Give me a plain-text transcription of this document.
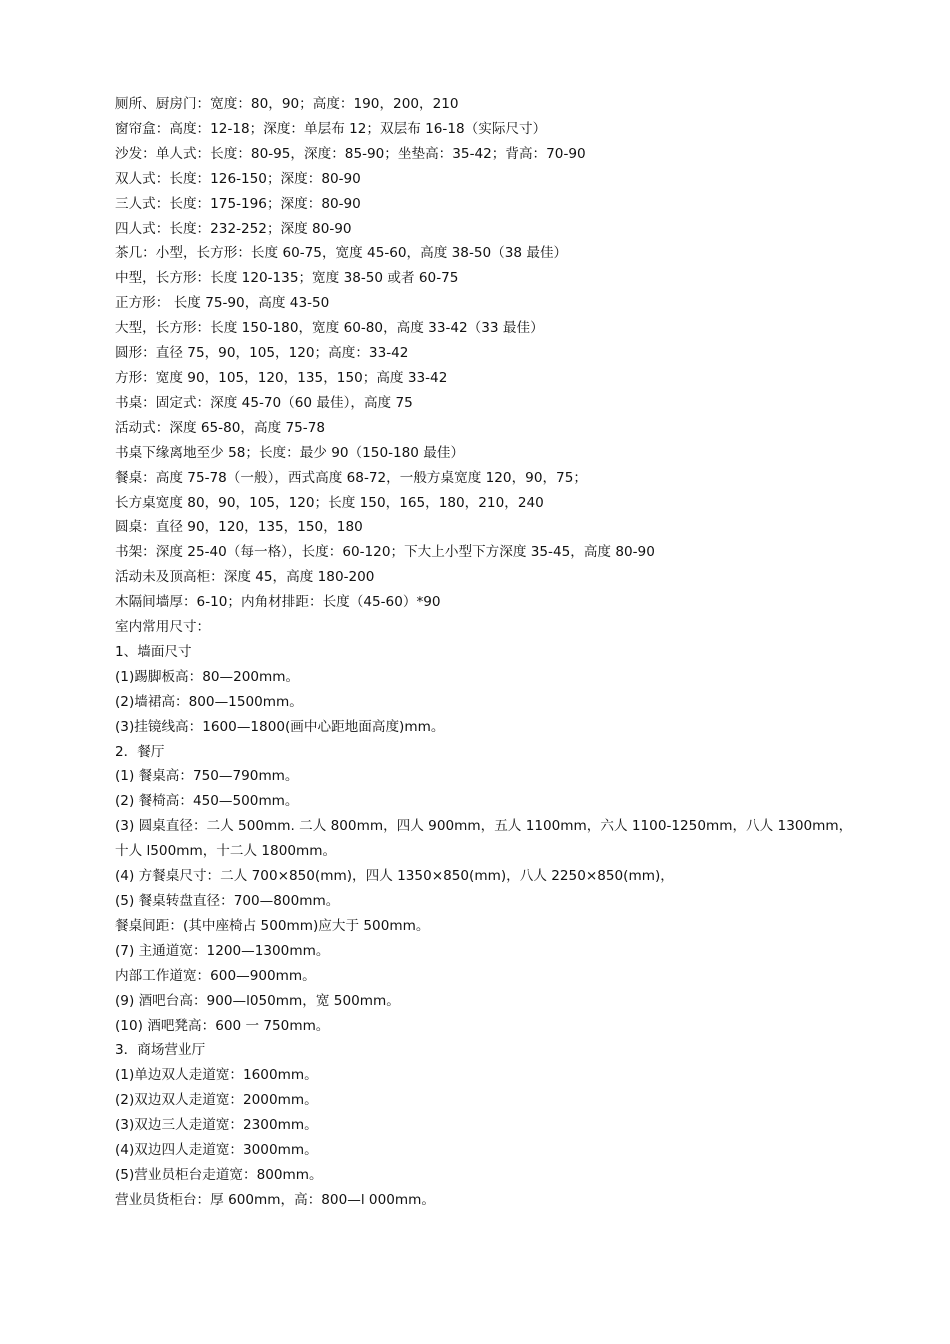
厕所、厨房门：宽度：80，90；高度：190，200，210
窗帘盒：高度：12-18；深度：单层布 12；双层布 16-18（实际尺寸）
沙发：单人式：长度：80-95，深度：85-90；坐垫高：35-42；背高：70-90
双人式：长度：126-150；深度：80-90
三人式：长度：175-196；深度：80-90
四人式：长度：232-252；深度 80-90
茶几：小型，长方形：长度 60-75，宽度 45-60，高度 38-50（38 最佳）
中型，长方形：长度 120-135；宽度 38-50 或者 60-75
正方形： 长度 75-90，高度 43-50
大型，长方形：长度 150-180，宽度 60-80，高度 33-42（33 最佳）
圆形：直径 75，90，105，120；高度：33-42
方形：宽度 90，105，120，135，150；高度 33-42
书桌：固定式：深度 45-70（60 最佳），高度 75
活动式：深度 65-80，高度 75-78
书桌下缘离地至少 58；长度：最少 90（150-180 最佳）
餐桌：高度 75-78（一般），西式高度 68-72，一般方桌宽度 120，90，75；
长方桌宽度 80，90，105，120；长度 150，165，180，210，240
圆桌：直径 90，120，135，150，180
书架：深度 25-40（每一格），长度：60-120；下大上小型下方深度 35-45，高度 80-90
活动未及顶高柜：深度 45，高度 180-200
木隔间墙厚：6-10；内角材排距：长度（45-60）*90
室内常用尺寸：
1、墙面尺寸
(1)踢脚板高：80—200mm。
(2)墙裙高：800—1500mm。
(3)挂镜线高：1600—1800(画中心距地面高度)mm。
2．餐厅
(1) 餐桌高：750—790mm。
(2) 餐椅高：450—500mm。
(3) 圆桌直径：二人 500mm. 二人 800mm，四人 900mm，五人 1100mm，六人 1100-1250mm，八人 1300mm，十人 l500mm，十二人 1800mm。
(4) 方餐桌尺寸：二人 700×850(mm)，四人 1350×850(mm)，八人 2250×850(mm)，
(5) 餐桌转盘直径：700—800mm。
餐桌间距：(其中座椅占 500mm)应大于 500mm。
(7) 主通道宽：1200—1300mm。
内部工作道宽：600—900mm。
(9) 酒吧台高：900—l050mm，宽 500mm。
(10) 酒吧凳高：600 一 750mm。
3．商场营业厅
(1)单边双人走道宽：1600mm。
(2)双边双人走道宽：2000mm。
(3)双边三人走道宽：2300mm。
(4)双边四人走道宽：3000mm。
(5)营业员柜台走道宽：800mm。
营业员货柜台：厚 600mm，高：800—l 000mm。
